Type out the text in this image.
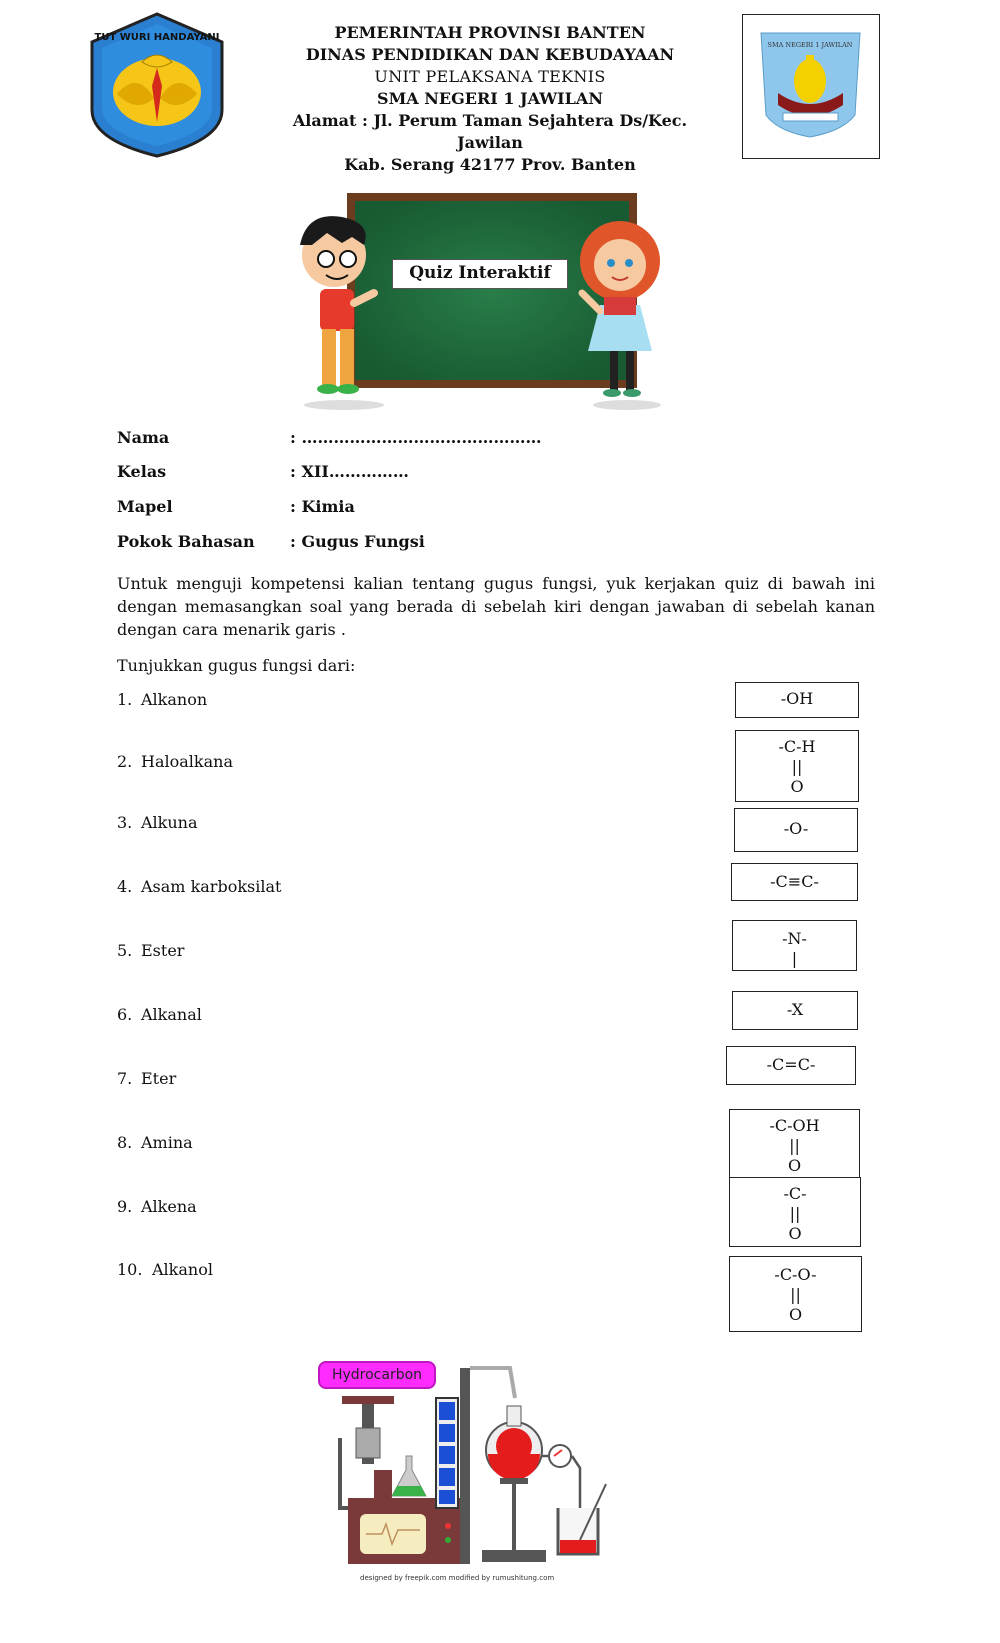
TUT WURI HANDAYANI
SMA NEGERI 1 JAWILAN
PEMERINTAH PROVINSI BANTEN
DINAS PENDIDIKAN DAN KEBUDAYAAN
UNIT PELAKSANA TEKNIS
SMA NEGERI 1 JAWILAN
Alamat : Jl. Perum Taman Sejahtera Ds/Kec. Jawilan
Kab. Serang 42177 Prov. Banten
Quiz Interaktif
Nama	: ………………………………………
Kelas	: XII……………
Mapel	: Kimia
Pokok Bahasan : Gugus Fungsi
Untuk menguji kompetensi kalian tentang gugus fungsi, yuk kerjakan quiz di bawah ini dengan memasangkan soal yang berada di sebelah kiri dengan jawaban di sebelah kanan dengan cara menarik garis .
Tunjukkan gugus fungsi dari:
1. Alkanon
2. Haloalkana
3. Alkuna
4. Asam karboksilat
5. Ester
6. Alkanal
7. Eter
8. Amina
9. Alkena
10. Alkanol
-OH
-C-H
||
O
-O-
-C≡C-
-N-
|
-X
-C=C-
-C-OH
||
O
-C-
||
O
-C-O-
||
O
Hydrocarbon
designed by freepik.com modified by rumushitung.com
